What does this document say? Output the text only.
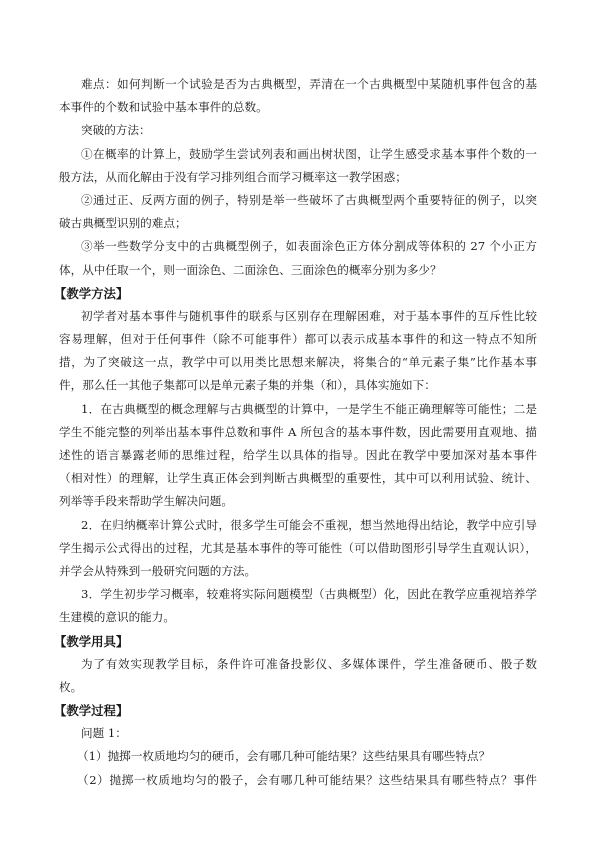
难点：如何判断一个试验是否为古典概型，弄清在一个古典概型中某随机事件包含的基
本事件的个数和试验中基本事件的总数。
突破的方法：
①在概率的计算上，鼓励学生尝试列表和画出树状图，让学生感受求基本事件个数的一
般方法，从而化解由于没有学习排列组合而学习概率这一教学困惑；
②通过正、反两方面的例子，特别是举一些破坏了古典概型两个重要特征的例子，以突
破古典概型识别的难点；
③举一些数学分支中的古典概型例子，如表面涂色正方体分割成等体积的 27 个小正方
体，从中任取一个，则一面涂色、二面涂色、三面涂色的概率分别为多少？
【教学方法】
初学者对基本事件与随机事件的联系与区别存在理解困难，对于基本事件的互斥性比较
容易理解，但对于任何事件（除不可能事件）都可以表示成基本事件的和这一特点不知所
措，为了突破这一点，教学中可以用类比思想来解决，将集合的“单元素子集”比作基本事
件，那么任一其他子集都可以是单元素子集的并集（和），具体实施如下：
1．在古典概型的概念理解与古典概型的计算中，一是学生不能正确理解等可能性；二是
学生不能完整的列举出基本事件总数和事件 A 所包含的基本事件数，因此需要用直观地、描
述性的语言暴露老师的思维过程，给学生以具体的指导。因此在教学中要加深对基本事件
（相对性）的理解，让学生真正体会到判断古典概型的重要性，其中可以利用试验、统计、
列举等手段来帮助学生解决问题。
2．在归纳概率计算公式时，很多学生可能会不重视，想当然地得出结论，教学中应引导
学生揭示公式得出的过程，尤其是基本事件的等可能性（可以借助图形引导学生直观认识），
并学会从特殊到一般研究问题的方法。
3．学生初步学习概率，较难将实际问题模型（古典概型）化，因此在教学应重视培养学
生建模的意识的能力。
【教学用具】
为了有效实现教学目标，条件许可准备投影仪、多媒体课件，学生准备硬币、骰子数
枚。
【教学过程】
问题 1：
（1）抛掷一枚质地均匀的硬币，会有哪几种可能结果？这些结果具有哪些特点？
（2）抛掷一枚质地均匀的骰子，会有哪几种可能结果？这些结果具有哪些特点？事件
